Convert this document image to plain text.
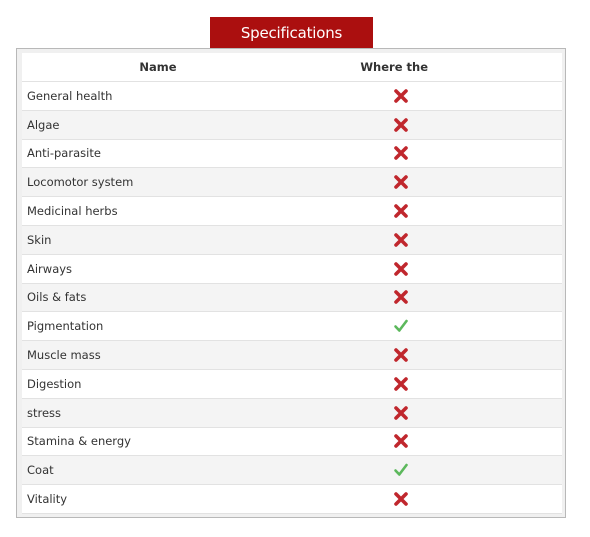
Specifications
Name	Where the
General health
Algae
Anti-parasite
Locomotor system
Medicinal herbs
Skin
Airways
Oils & fats
Pigmentation
Muscle mass
Digestion
stress
Stamina & energy
Coat
Vitality
